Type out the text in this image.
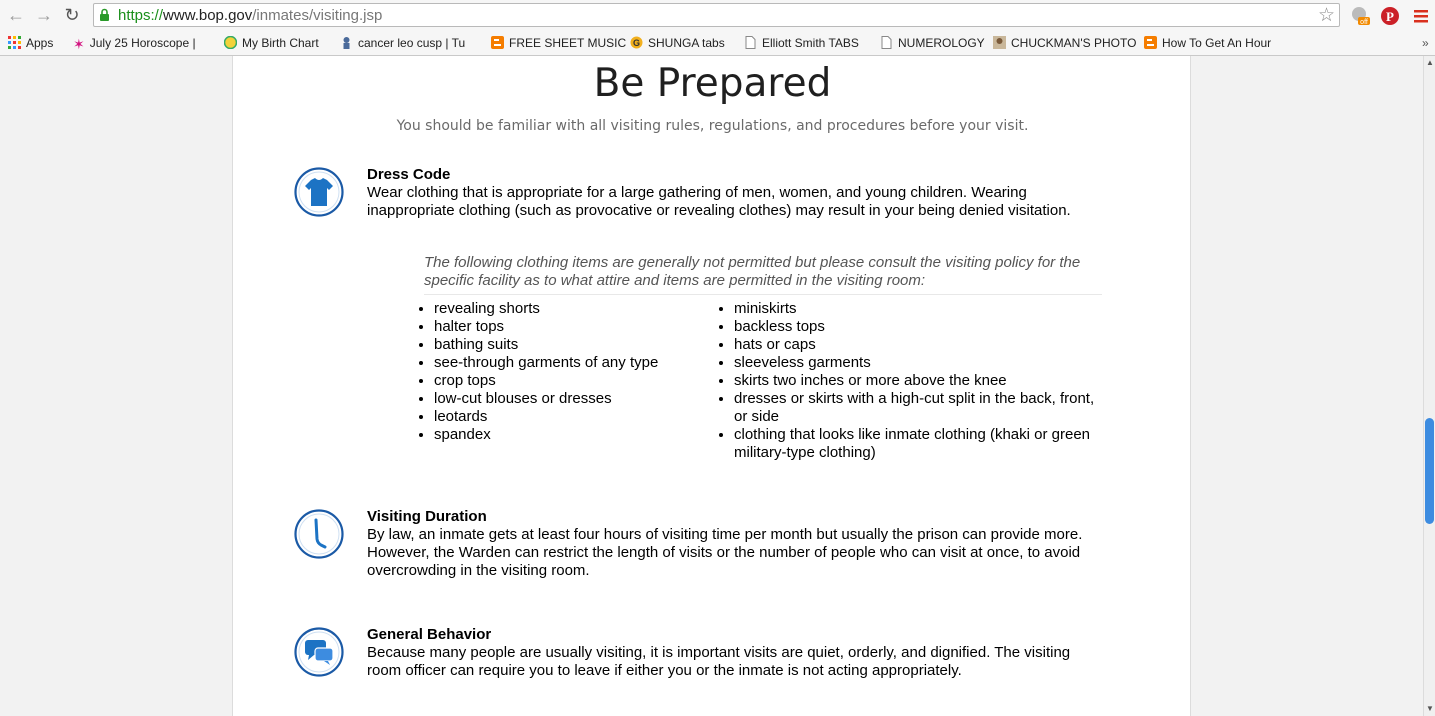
← → ↻	https://www.bop.gov/inmates/visiting.jsp	☆	off P
Apps ✶ July 25 Horoscope |	My Birth Chart	cancer leo cusp | Tu	FREE SHEET MUSIC G SHUNGA tabs	Elliott Smith TABS	NUMEROLOGY	CHUCKMAN'S PHOTO	How To Get An Hour	»
Be Prepared
You should be familiar with all visiting rules, regulations, and procedures before your visit.
Dress Code
Wear clothing that is appropriate for a large gathering of men, women, and young children. Wearing inappropriate clothing (such as provocative or revealing clothes) may result in your being denied visitation.
The following clothing items are generally not permitted but please consult the visiting policy for the specific facility as to what attire and items are permitted in the visiting room:
• revealing shorts
• halter tops
• bathing suits
• see-through garments of any type
• crop tops
• low-cut blouses or dresses
• leotards
• spandex
• miniskirts
• backless tops
• hats or caps
• sleeveless garments
• skirts two inches or more above the knee
• dresses or skirts with a high-cut split in the back, front, or side
• clothing that looks like inmate clothing (khaki or green military-type clothing)
Visiting Duration
By law, an inmate gets at least four hours of visiting time per month but usually the prison can provide more. However, the Warden can restrict the length of visits or the number of people who can visit at once, to avoid overcrowding in the visiting room.
General Behavior
Because many people are usually visiting, it is important visits are quiet, orderly, and dignified. The visiting room officer can require you to leave if either you or the inmate is not acting appropriately.
▲
▼
